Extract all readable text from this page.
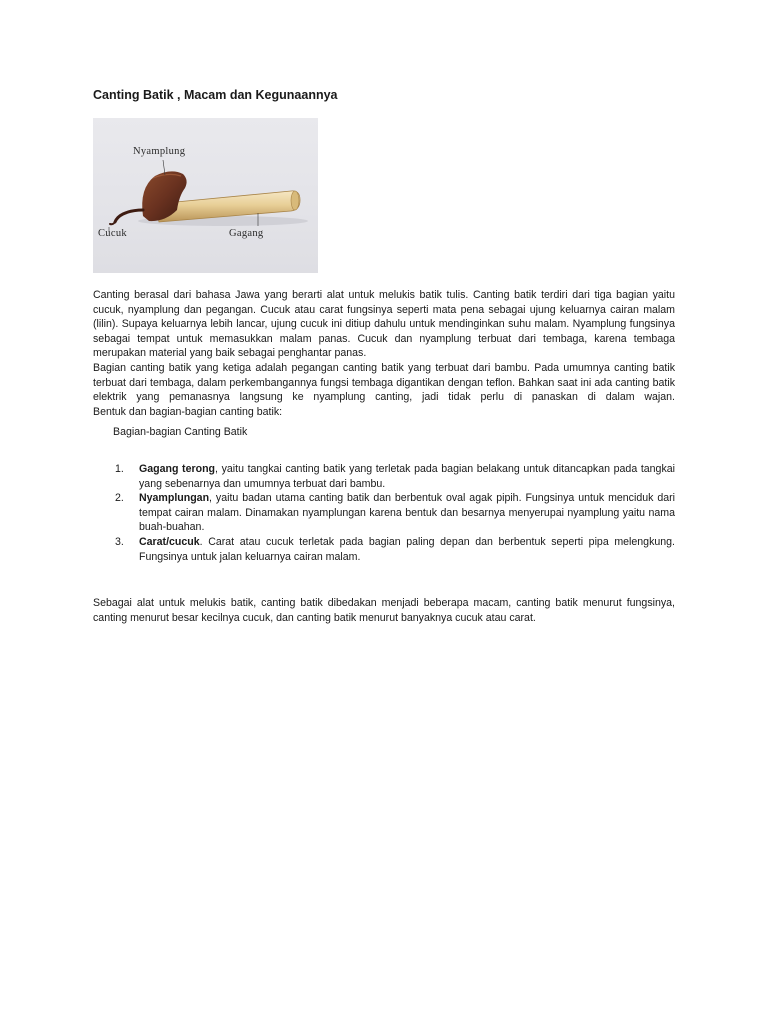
Canting Batik , Macam dan Kegunaannya
Nyamplung
Cucuk	Gagang

Canting berasal dari bahasa Jawa yang berarti alat untuk melukis batik tulis. Canting batik terdiri dari tiga bagian yaitu cucuk, nyamplung dan pegangan. Cucuk atau carat fungsinya seperti mata pena sebagai ujung keluarnya cairan malam (lilin). Supaya keluarnya lebih lancar, ujung cucuk ini ditiup dahulu untuk mendinginkan suhu malam. Nyamplung fungsinya sebagai tempat untuk memasukkan malam panas. Cucuk dan nyamplung terbuat dari tembaga, karena tembaga merupakan material yang baik sebagai penghantar panas.

Bagian canting batik yang ketiga adalah pegangan canting batik yang terbuat dari bambu. Pada umumnya canting batik terbuat dari tembaga, dalam perkembangannya fungsi tembaga digantikan dengan teflon. Bahkan saat ini ada canting batik elektrik yang pemanasnya langsung ke nyamplung canting, jadi tidak perlu di panaskan di dalam wajan.

Bentuk dan bagian-bagian canting batik:

Bagian-bagian Canting Batik
1. Gagang terong, yaitu tangkai canting batik yang terletak pada bagian belakang untuk ditancapkan pada tangkai yang sebenarnya dan umumnya terbuat dari bambu.
2. Nyamplungan, yaitu badan utama canting batik dan berbentuk oval agak pipih. Fungsinya untuk menciduk dari tempat cairan malam. Dinamakan nyamplungan karena bentuk dan besarnya menyerupai nyamplung yaitu nama buah-buahan.
3. Carat/cucuk. Carat atau cucuk terletak pada bagian paling depan dan berbentuk seperti pipa melengkung. Fungsinya untuk jalan keluarnya cairan malam.

Sebagai alat untuk melukis batik, canting batik dibedakan menjadi beberapa macam, canting batik menurut fungsinya, canting menurut besar kecilnya cucuk, dan canting batik menurut banyaknya cucuk atau carat.
